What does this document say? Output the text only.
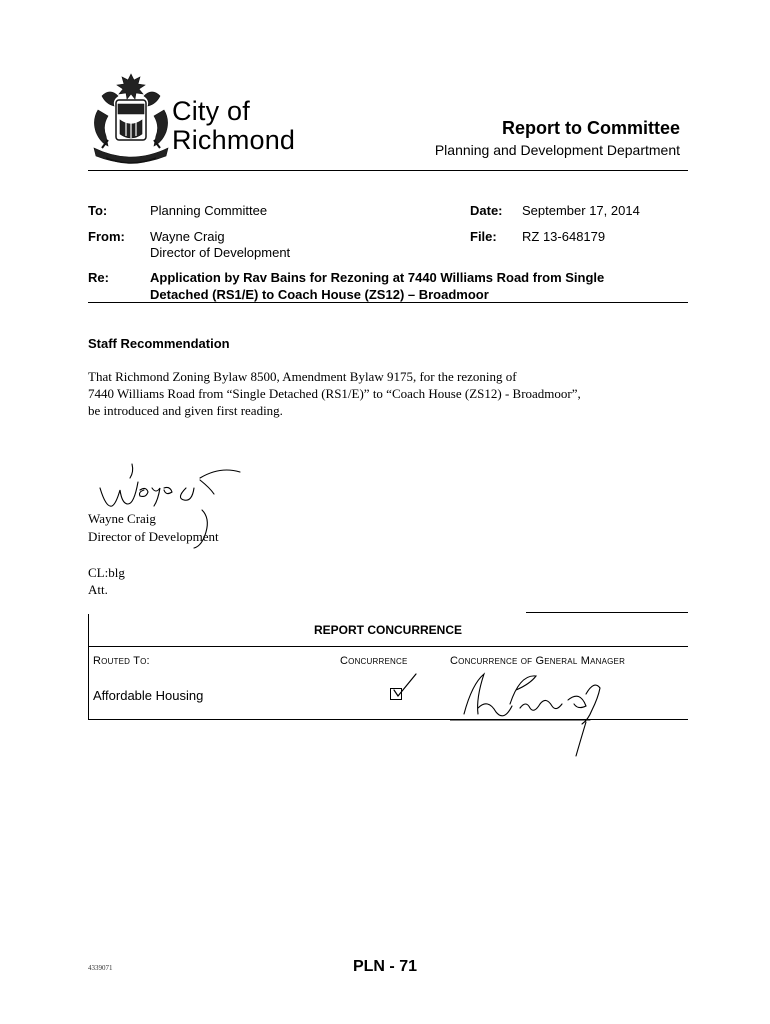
City of
Richmond	Report to Committee
Planning and Development Department
To:	Planning Committee	Date: September 17, 2014
From: Wayne Craig
Director of Development
File: RZ 13-648179
Re:	Application by Rav Bains for Rezoning at 7440 Williams Road from Single
Detached (RS1/E) to Coach House (ZS12) – Broadmoor
Staff Recommendation
That Richmond Zoning Bylaw 8500, Amendment Bylaw 9175, for the rezoning of
7440 Williams Road from “Single Detached (RS1/E)” to “Coach House (ZS12) - Broadmoor”,
be introduced and given first reading.
Wayne Craig
Director of Development
CL:blg
Att.
REPORT CONCURRENCE
Routed To:	Concurrence	Concurrence of General Manager
Affordable Housing
4339071	PLN - 71
